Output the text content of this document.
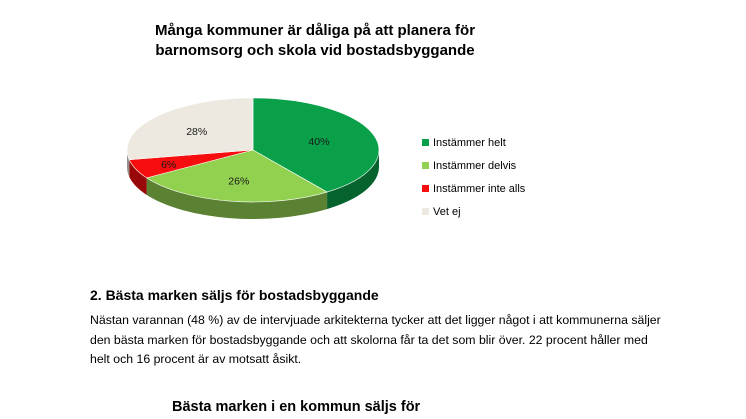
Många kommuner är dåliga på att planera för
barnomsorg och skola vid bostadsbyggande
40%
26%
6%
28%
Instämmer helt
Instämmer delvis
Instämmer inte alls
Vet ej
2. Bästa marken säljs för bostadsbyggande

Nästan varannan (48 %) av de intervjuade arkitekterna tycker att det ligger något i att kommunerna säljer den bästa marken för bostadsbyggande och att skolorna får ta det som blir över. 22 procent håller med helt och 16 procent är av motsatt åsikt.

Bästa marken i en kommun säljs för
